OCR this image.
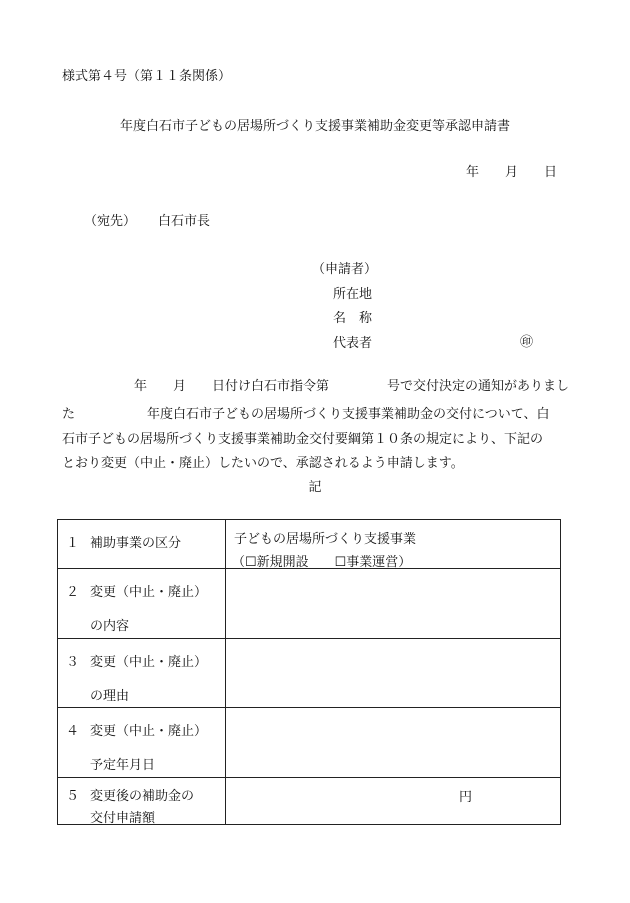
様式第４号（第１１条関係）
年度白石市子どもの居場所づくり支援事業補助金変更等承認申請書
年 月 日
（宛先） 白石市長
（申請者）
所在地
名　称
代表者	㊞
年 月 日付け白石市指令第	号で交付決定の通知がありまし
た	年度白石市子どもの居場所づくり支援事業補助金の交付について、白
石市子どもの居場所づくり支援事業補助金交付要綱第１０条の規定により、下記の
とおり変更（中止・廃止）したいので、承認されるよう申請します。
記
１ 補助事業の区分	子どもの居場所づくり支援事業
（☐新規開設　　☐事業運営）

２ 変更（中止・廃止）
の内容	

３ 変更（中止・廃止）
の理由	

４ 変更（中止・廃止）
予定年月日	

５ 変更後の補助金の
交付申請額	円
